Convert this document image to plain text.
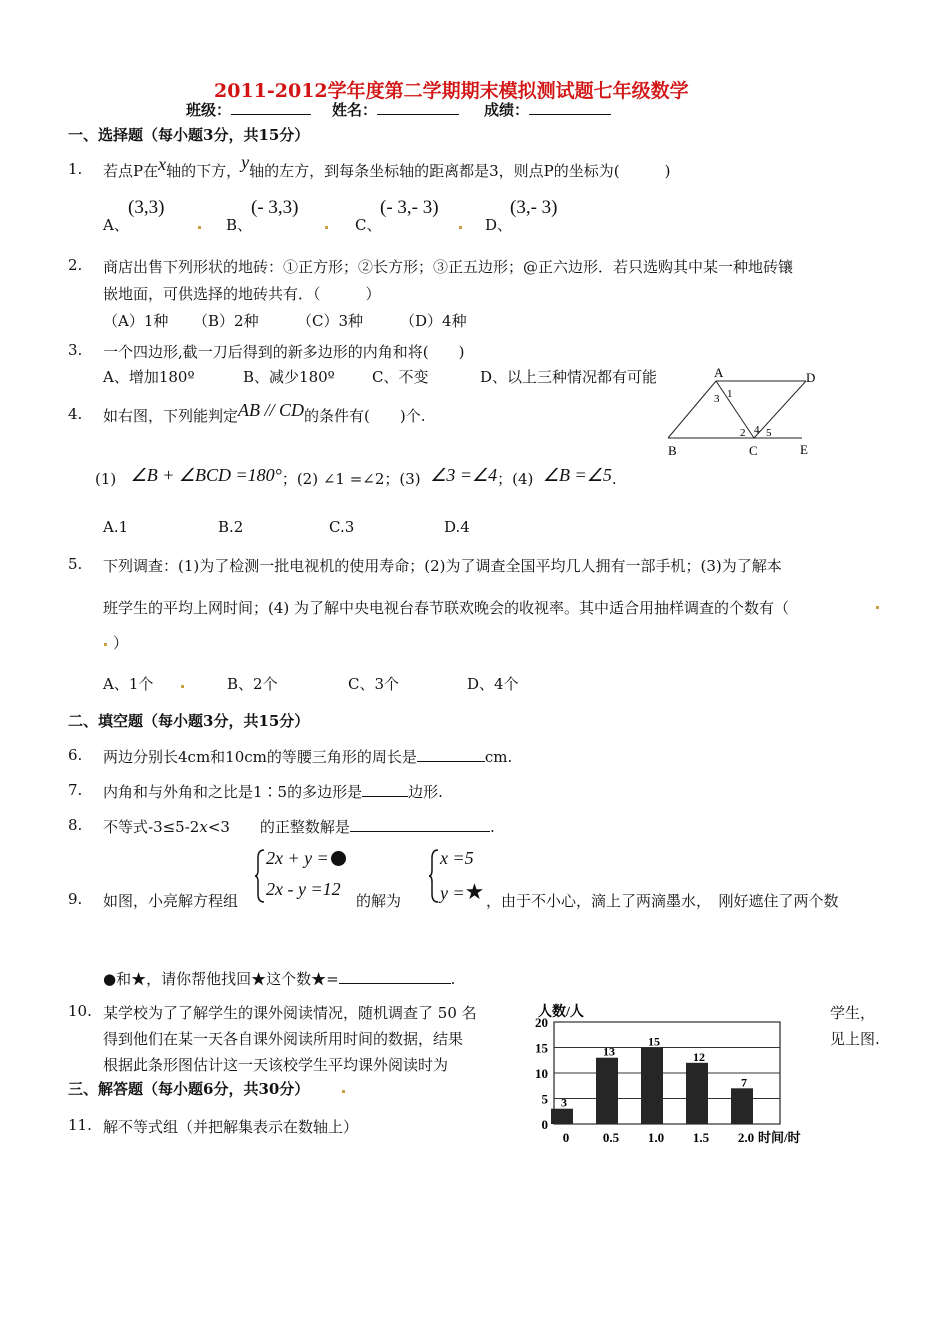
2011-2012学年度第二学期期末模拟测试题七年级数学
班级：	姓名：	成绩：
一、选择题（每小题3分，共15分）
1. 若点P在x轴的下方，y轴的左方，到每条坐标轴的距离都是3，则点P的坐标为(　　　)
A、
(3,3)
B、
(- 3,3)
C、
(- 3,- 3)
D、
(3,- 3)
2. 商店出售下列形状的地砖：①正方形；②长方形；③正五边形；@正六边形．若只选购其中某一种地砖镶
嵌地面，可供选择的地砖共有．（　　　）
（A）1种 （B）2种	（C）3种 （D）4种
3. 一个四边形,截一刀后得到的新多边形的内角和将(　　)
A、增加180º	B、减少180º C、不变	D、以上三种情况都有可能	A	D
B	C	E
1
2
3
4 5
4. 如右图，下列能判定AB // CD的条件有(　　)个.
(1) ∠B + ∠BCD =180°；(2) ∠1 =∠2；(3) ∠3 =∠4；(4) ∠B =∠5.
A.1	B.2	C.3	D.4
5. 下列调查：(1)为了检测一批电视机的使用寿命；(2)为了调查全国平均几人拥有一部手机；(3)为了解本
班学生的平均上网时间；(4) 为了解中央电视台春节联欢晚会的收视率。其中适合用抽样调查的个数有（
）
A、1个	B、2个	C、3个	D、4个
二、填空题（每小题3分，共15分）
6. 两边分别长4cm和10cm的等腰三角形的周长是	cm.
7. 内角和与外角和之比是1∶5的多边形是	边形.
8. 不等式-3≤5-2x<3　　的正整数解是	.
9. 如图，小亮解方程组
2x + y =
2x - y =12
的解为
x =5
y =★ ，由于不小心，滴上了两滴墨水，　刚好遮住了两个数
●和★，请你帮他找回★这个数★=	.
10. 某学校为了了解学生的课外阅读情况，随机调查了 50 名	学生，
得到他们在某一天各自课外阅读所用时间的数据，结果	见上图.
根据此条形图估计这一天该校学生平均课外阅读时为
0
5
10
15
20
3
0
13
0.5
15
1.0
12
1.5
7
2.0
人数/人
时间/时
三、解答题（每小题6分，共30分）
11. 解不等式组（并把解集表示在数轴上）
